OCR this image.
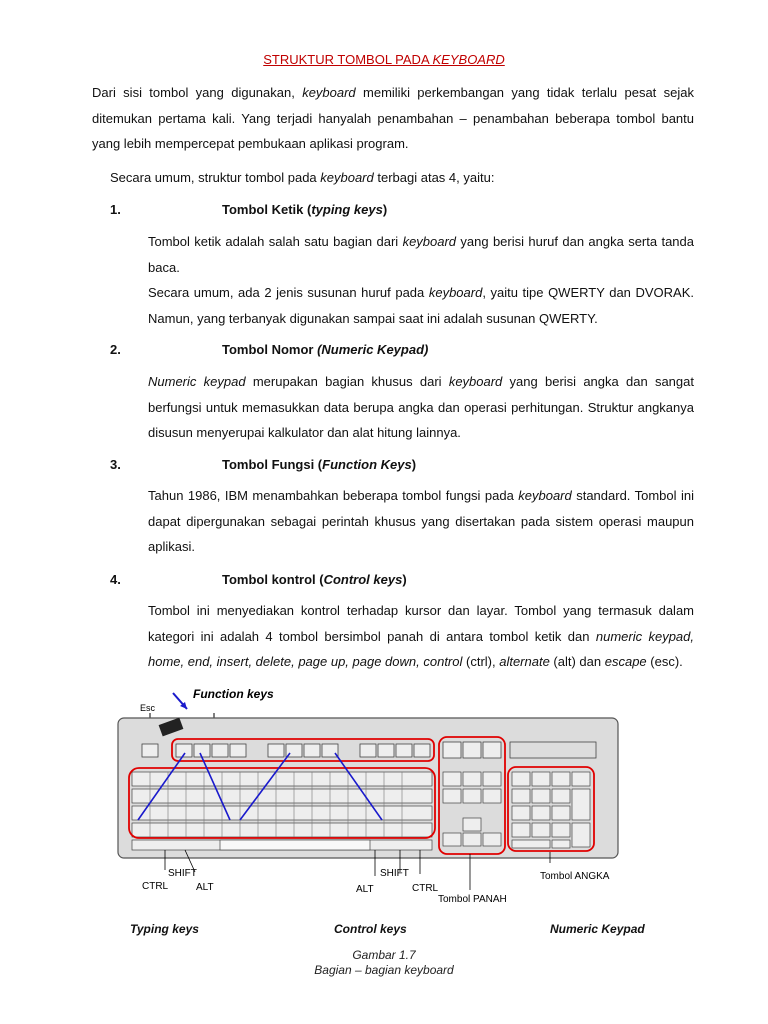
STRUKTUR TOMBOL PADA KEYBOARD
Dari sisi tombol yang digunakan, keyboard memiliki perkembangan yang tidak terlalu pesat sejak ditemukan pertama kali. Yang terjadi hanyalah penambahan – penambahan beberapa tombol bantu yang lebih mempercepat pembukaan aplikasi program.
Secara umum, struktur tombol pada keyboard terbagi atas 4, yaitu:
1.	Tombol Ketik (typing keys)
Tombol ketik adalah salah satu bagian dari keyboard yang berisi huruf dan angka serta tanda baca.
Secara umum, ada 2 jenis susunan huruf pada keyboard, yaitu tipe QWERTY dan DVORAK. Namun, yang terbanyak digunakan sampai saat ini adalah susunan QWERTY.
2.	Tombol Nomor (Numeric Keypad)
Numeric keypad merupakan bagian khusus dari keyboard yang berisi angka dan sangat berfungsi untuk memasukkan data berupa angka dan operasi perhitungan. Struktur angkanya disusun menyerupai kalkulator dan alat hitung lainnya.
3.	Tombol Fungsi (Function Keys)
Tahun 1986, IBM menambahkan beberapa tombol fungsi pada keyboard standard. Tombol ini dapat dipergunakan sebagai perintah khusus yang disertakan pada sistem operasi maupun aplikasi.
4.	Tombol kontrol (Control keys)
Tombol ini menyediakan kontrol terhadap kursor dan layar. Tombol yang termasuk dalam kategori ini adalah 4 tombol bersimbol panah di antara tombol ketik dan numeric keypad, home, end, insert, delete, page up, page down, control (ctrl), alternate (alt) dan escape (esc).
Function keys
Esc
SHIFT
CTRL	ALT	ALT
SHIFT
CTRL
Tombol PANAH
Tombol ANGKA
Typing keys	Control keys	Numeric Keypad
Gambar 1.7
Bagian – bagian keyboard
